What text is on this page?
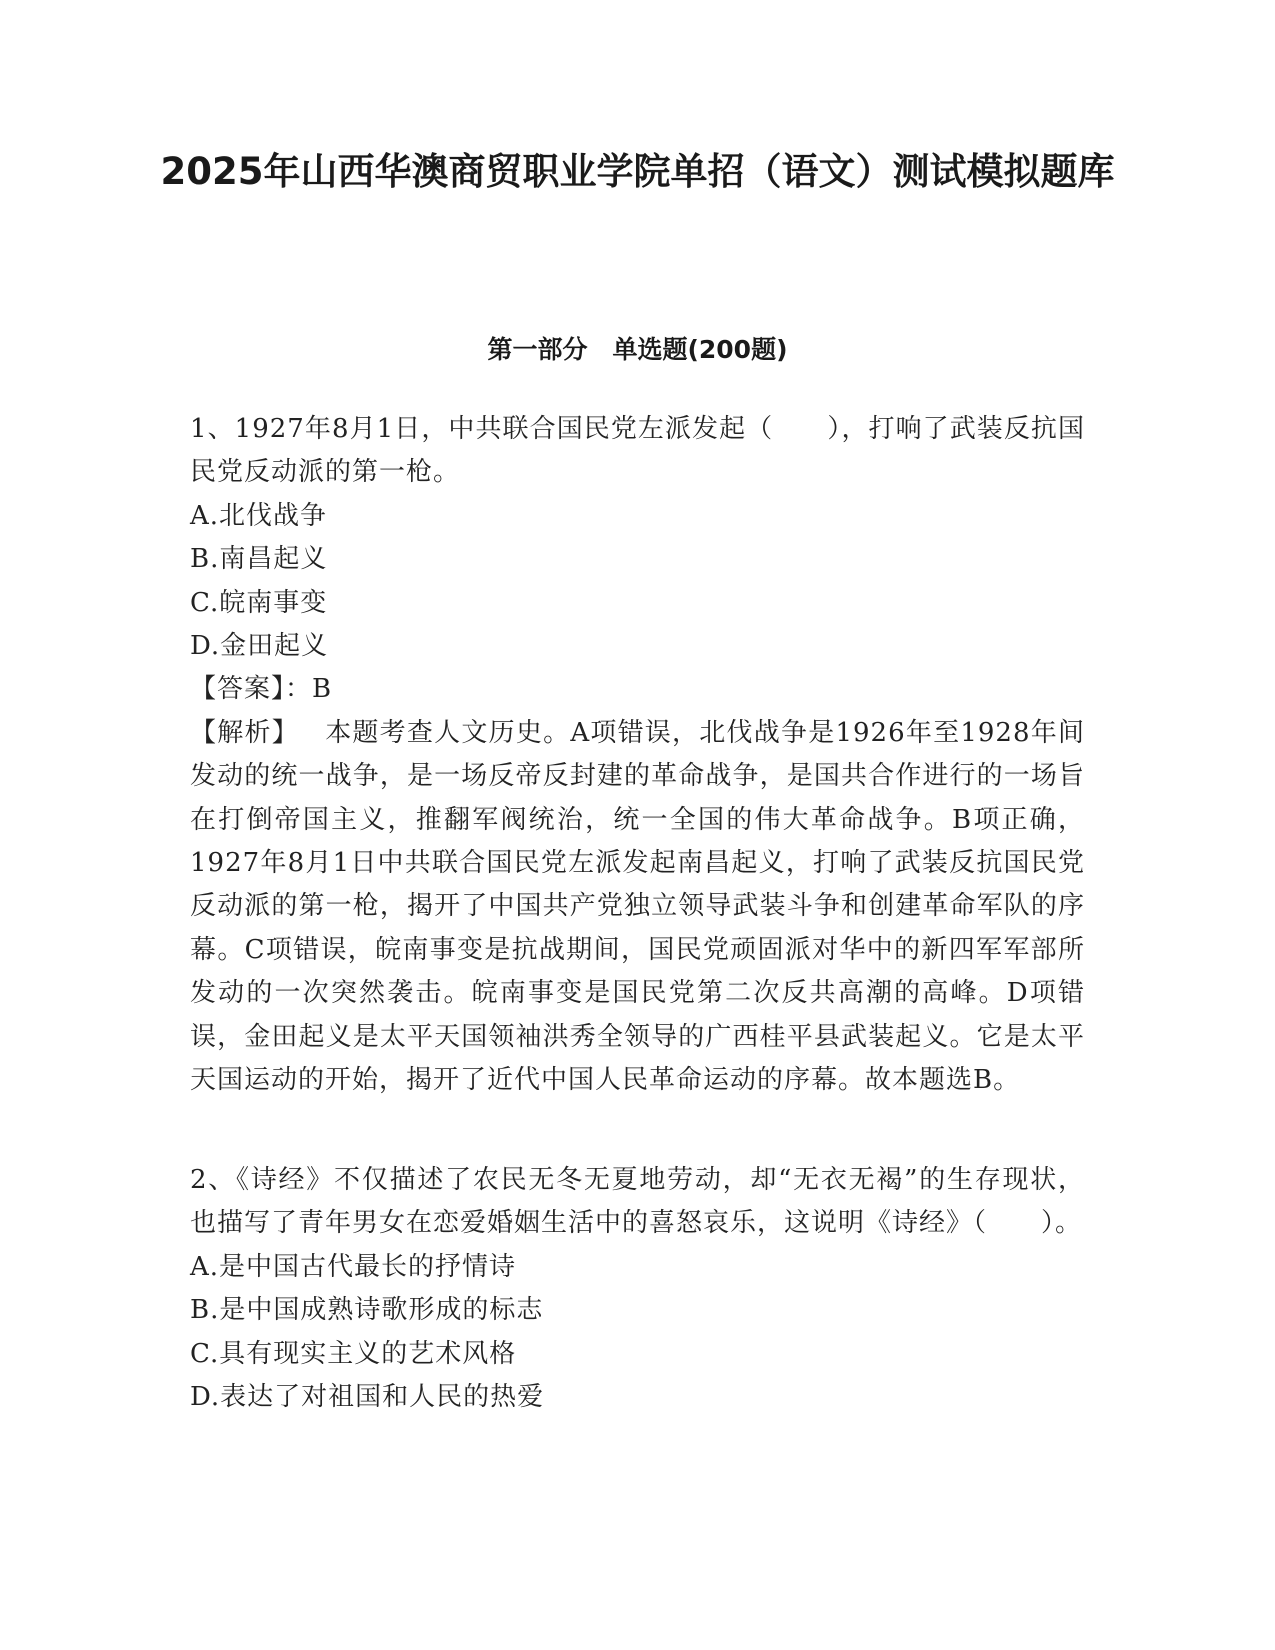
2025年山西华澳商贸职业学院单招（语文）测试模拟题库
第一部分　单选题(200题)
1、1927年8月1日，中共联合国民党左派发起（　　），打响了武装反抗国民党反动派的第一枪。
A.北伐战争
B.南昌起义
C.皖南事变
D.金田起义
【答案】：B
【解析】 本题考查人文历史。A项错误，北伐战争是1926年至1928年间发动的统一战争，是一场反帝反封建的革命战争，是国共合作进行的一场旨在打倒帝国主义，推翻军阀统治，统一全国的伟大革命战争。B项正确，1927年8月1日中共联合国民党左派发起南昌起义，打响了武装反抗国民党反动派的第一枪，揭开了中国共产党独立领导武装斗争和创建革命军队的序幕。C项错误，皖南事变是抗战期间，国民党顽固派对华中的新四军军部所发动的一次突然袭击。皖南事变是国民党第二次反共高潮的高峰。D项错误，金田起义是太平天国领袖洪秀全领导的广西桂平县武装起义。它是太平天国运动的开始，揭开了近代中国人民革命运动的序幕。故本题选B。
2、《诗经》不仅描述了农民无冬无夏地劳动，却“无衣无褐”的生存现状，也描写了青年男女在恋爱婚姻生活中的喜怒哀乐，这说明《诗经》（　　）。
A.是中国古代最长的抒情诗
B.是中国成熟诗歌形成的标志
C.具有现实主义的艺术风格
D.表达了对祖国和人民的热爱
